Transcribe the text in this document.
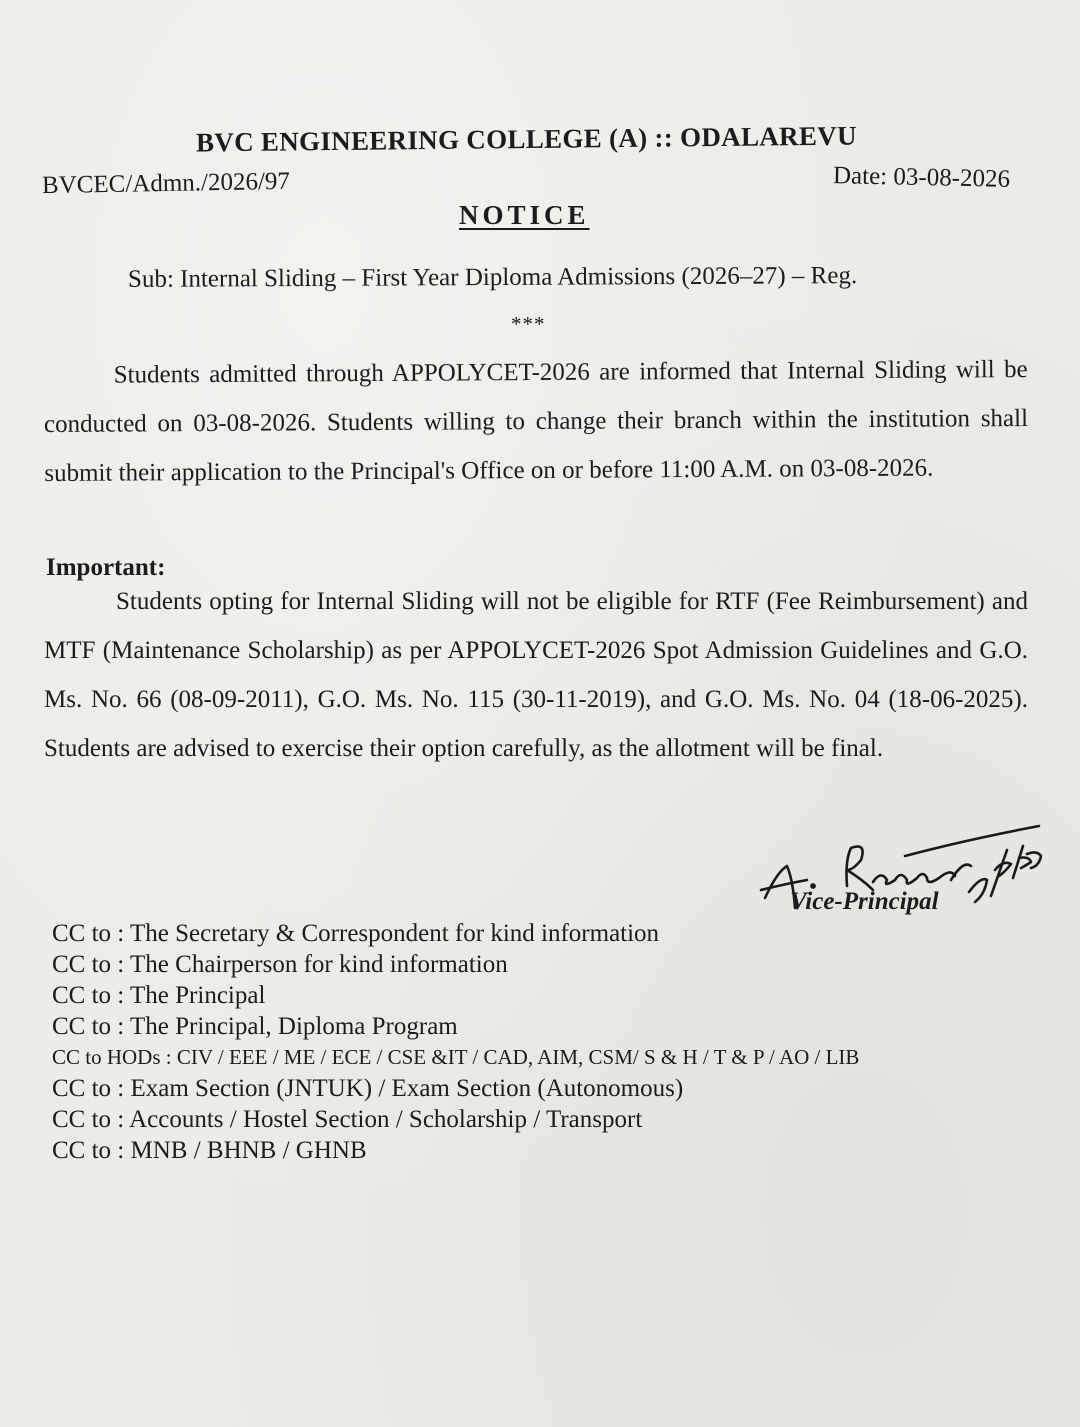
BVC ENGINEERING COLLEGE (A) :: ODALAREVU
BVCEC/Admn./2026/97	Date: 03-08-2026
NOTICE
Sub: Internal Sliding – First Year Diploma Admissions (2026–27) – Reg.
***
Students admitted through APPOLYCET-2026 are informed that Internal Sliding will be conducted on 03-08-2026. Students willing to change their branch within the institution shall submit their application to the Principal's Office on or before 11:00 A.M. on 03-08-2026.
Important:
Students opting for Internal Sliding will not be eligible for RTF (Fee Reimbursement) and MTF (Maintenance Scholarship) as per APPOLYCET-2026 Spot Admission Guidelines and G.O. Ms. No. 66 (08-09-2011), G.O. Ms. No. 115 (30-11-2019), and G.O. Ms. No. 04 (18-06-2025). Students are advised to exercise their option carefully, as the allotment will be final.
Vice-Principal
CC to : The Secretary & Correspondent for kind information
CC to : The Chairperson for kind information
CC to : The Principal
CC to : The Principal, Diploma Program
CC to HODs : CIV / EEE / ME / ECE / CSE &IT / CAD, AIM, CSM/ S & H / T & P / AO / LIB
CC to : Exam Section (JNTUK) / Exam Section (Autonomous)
CC to : Accounts / Hostel Section / Scholarship / Transport
CC to : MNB / BHNB / GHNB
